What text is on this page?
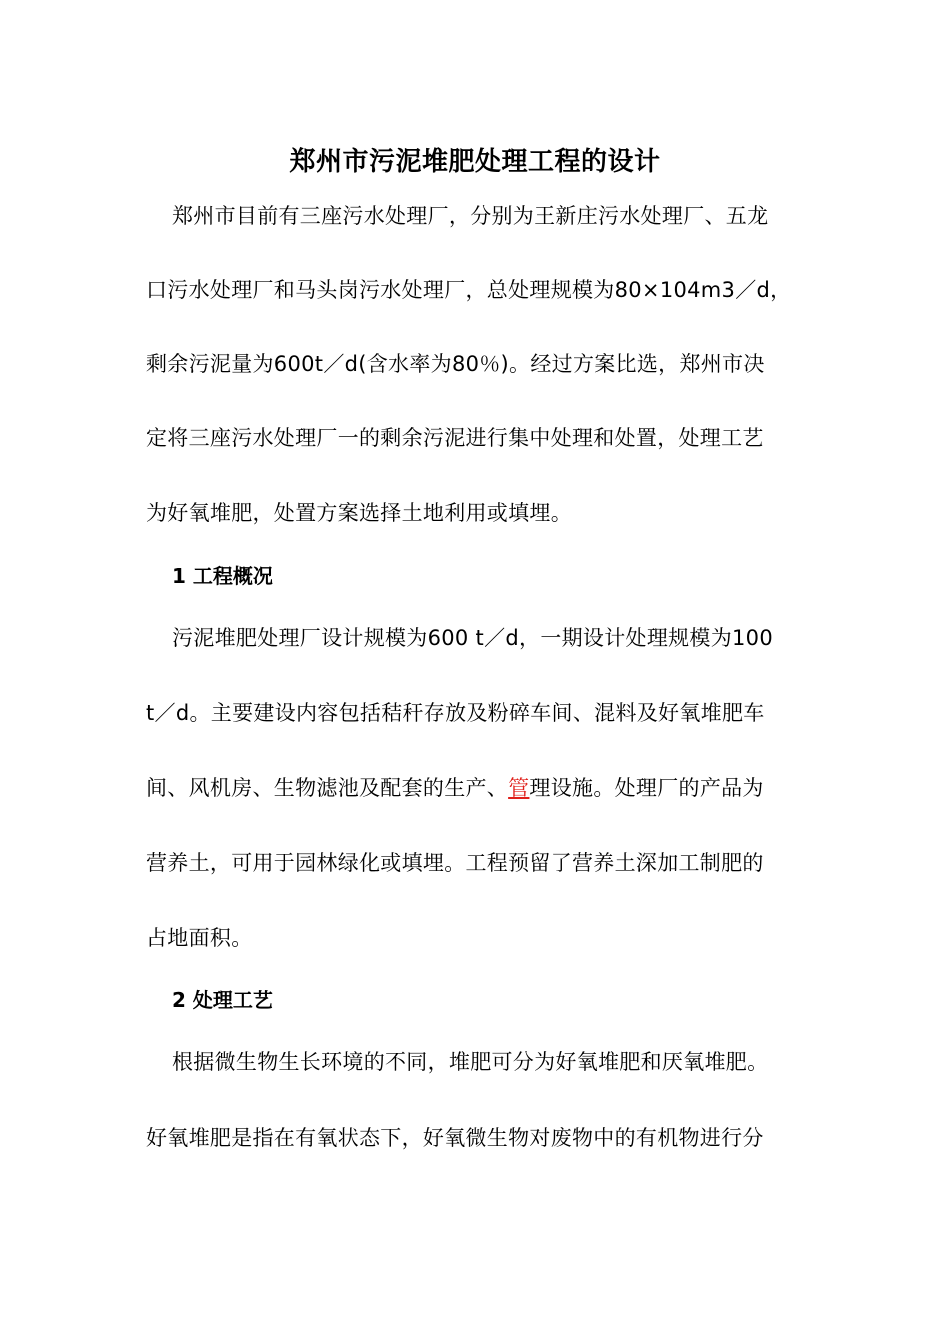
郑州市污泥堆肥处理工程的设计
郑州市目前有三座污水处理厂，分别为王新庄污水处理厂、五龙
口污水处理厂和马头岗污水处理厂，总处理规模为80×104m3／d，
剩余污泥量为600t／d(含水率为80％)。经过方案比选，郑州市决
定将三座污水处理厂一的剩余污泥进行集中处理和处置，处理工艺
为好氧堆肥，处置方案选择土地利用或填埋。
1 工程概况
污泥堆肥处理厂设计规模为600 t／d，一期设计处理规模为100
t／d。主要建设内容包括秸秆存放及粉碎车间、混料及好氧堆肥车
间、风机房、生物滤池及配套的生产、管理设施。处理厂的产品为
营养土，可用于园林绿化或填埋。工程预留了营养土深加工制肥的
占地面积。
2 处理工艺
根据微生物生长环境的不同，堆肥可分为好氧堆肥和厌氧堆肥。
好氧堆肥是指在有氧状态下，好氧微生物对废物中的有机物进行分
